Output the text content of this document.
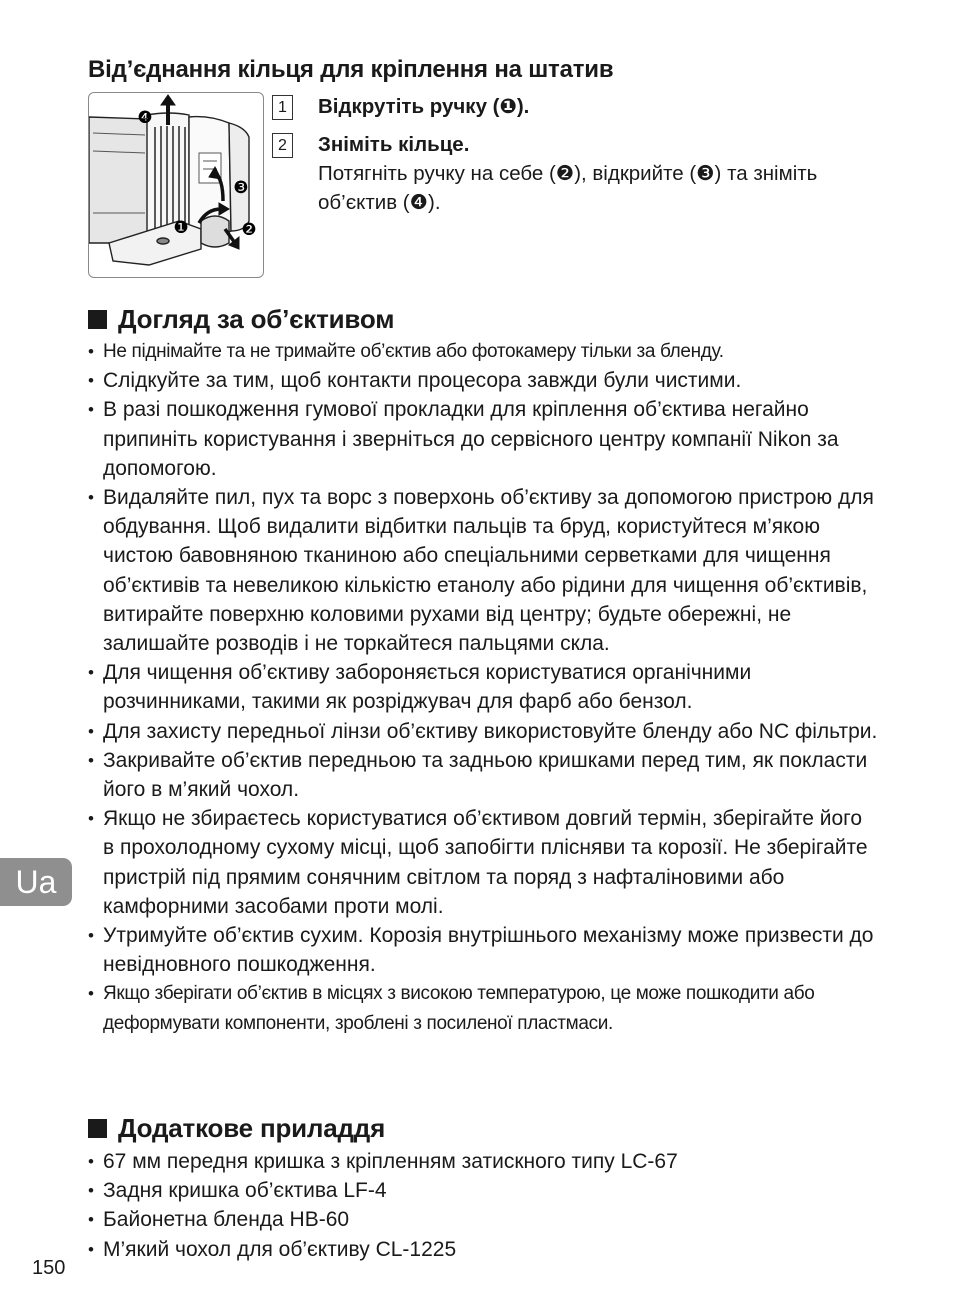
Від’єднання кільця для кріплення на штатив
❹
❸
❶	❷
1 Відкрутіть ручку (❶).
2 Зніміть кільце.
Потягніть ручку на себе (❷), відкрийте (❸) та зніміть об’єктив (❹).
Догляд за об’єктивом
• Не піднімайте та не тримайте об’єктив або фотокамеру тільки за бленду.
• Слідкуйте за тим, щоб контакти процесора завжди були чистими.
• В разі пошкодження гумової прокладки для кріплення об’єктива негайно припиніть користування і зверніться до сервісного центру компанії Nikon за допомогою.
• Видаляйте пил, пух та ворс з поверхонь об’єктиву за допомогою пристрою для обдування. Щоб видалити відбитки пальців та бруд, користуйтеся м’якою чистою бавовняною тканиною або спеціальними серветками для чищення об’єктивів та невеликою кількістю етанолу або рідини для чищення об’єктивів, витирайте поверхню коловими рухами від центру; будьте обережні, не залишайте розводів і не торкайтеся пальцями скла.
• Для чищення об’єктиву забороняється користуватися органічними розчинниками, такими як розріджувач для фарб або бензол.
• Для захисту передньої лінзи об’єктиву використовуйте бленду або NC фільтри.
• Закривайте об’єктив передньою та задньою кришками перед тим, як покласти його в м’який чохол.
• Якщо не збираєтесь користуватися об’єктивом довгий термін, зберігайте його в прохолодному сухому місці, щоб запобігти плісняви та корозії. Не зберігайте пристрій під прямим сонячним світлом та поряд з нафталіновими або камфорними засобами проти молі.
• Утримуйте об’єктив сухим. Корозія внутрішнього механізму може призвести до невідновного пошкодження.
• Якщо зберігати об’єктив в місцях з високою температурою, це може пошкодити або деформувати компоненти, зроблені з посиленої пластмаси.
Додаткове приладдя
• 67 мм передня кришка з кріпленням затискного типу LC-67
• Задня кришка об’єктива LF-4
• Байонетна бленда HB-60
• М’який чохол для об’єктиву CL-1225
Ua
150
